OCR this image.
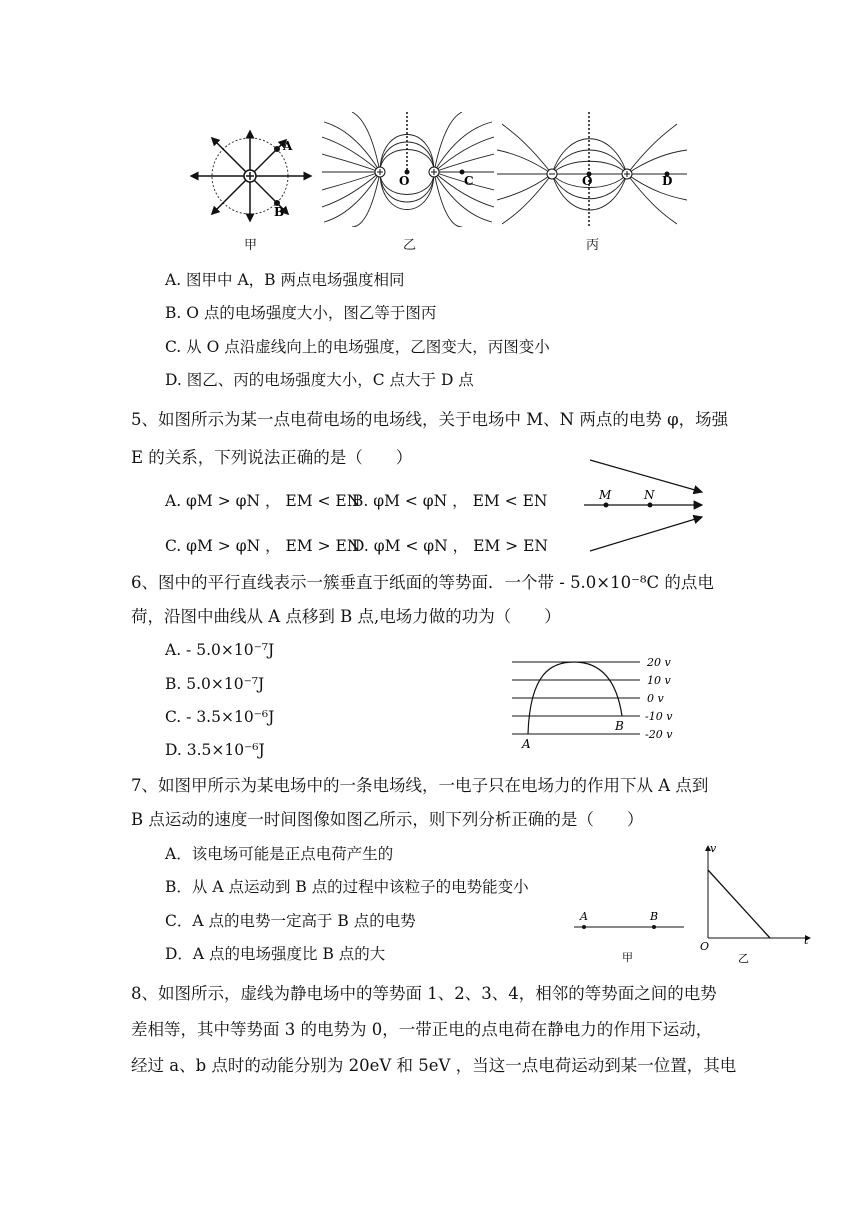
A
B
甲
O	C
乙
O	D
丙
A. 图甲中 A，B 两点电场强度相同
B. O 点的电场强度大小，图乙等于图丙
C. 从 O 点沿虚线向上的电场强度，乙图变大，丙图变小
D. 图乙、丙的电场强度大小，C 点大于 D 点
5、如图所示为某一点电荷电场的电场线，关于电场中 M、N 两点的电势 φ，场强
E 的关系，下列说法正确的是（　　）
A. φM > φN ， EM < EN
B. φM < φN ， EM < EN
C. φM > φN ， EM > EN
D. φM < φN ， EM > EN
M	N
6、图中的平行直线表示一簇垂直于纸面的等势面．一个带 - 5.0×10⁻⁸C 的点电
荷，沿图中曲线从 A 点移到 B 点,电场力做的功为（　　）
A. - 5.0×10⁻⁷J
B. 5.0×10⁻⁷J
C. - 3.5×10⁻⁶J
D. 3.5×10⁻⁶J
20 v
10 v
0 v
-10 v
-20 v
A
B
7、如图甲所示为某电场中的一条电场线，一电子只在电场力的作用下从 A 点到
B 点运动的速度一时间图像如图乙所示，则下列分析正确的是（　　）
A．该电场可能是正点电荷产生的
B．从 A 点运动到 B 点的过程中该粒子的电势能变小
C．A 点的电势一定高于 B 点的电势
D．A 点的电场强度比 B 点的大
A	B
甲
v
t
O
乙
8、如图所示，虚线为静电场中的等势面 1、2、3、4，相邻的等势面之间的电势
差相等，其中等势面 3 的电势为 0，一带正电的点电荷在静电力的作用下运动，
经过 a、b 点时的动能分别为 20eV 和 5eV ，当这一点电荷运动到某一位置，其电
